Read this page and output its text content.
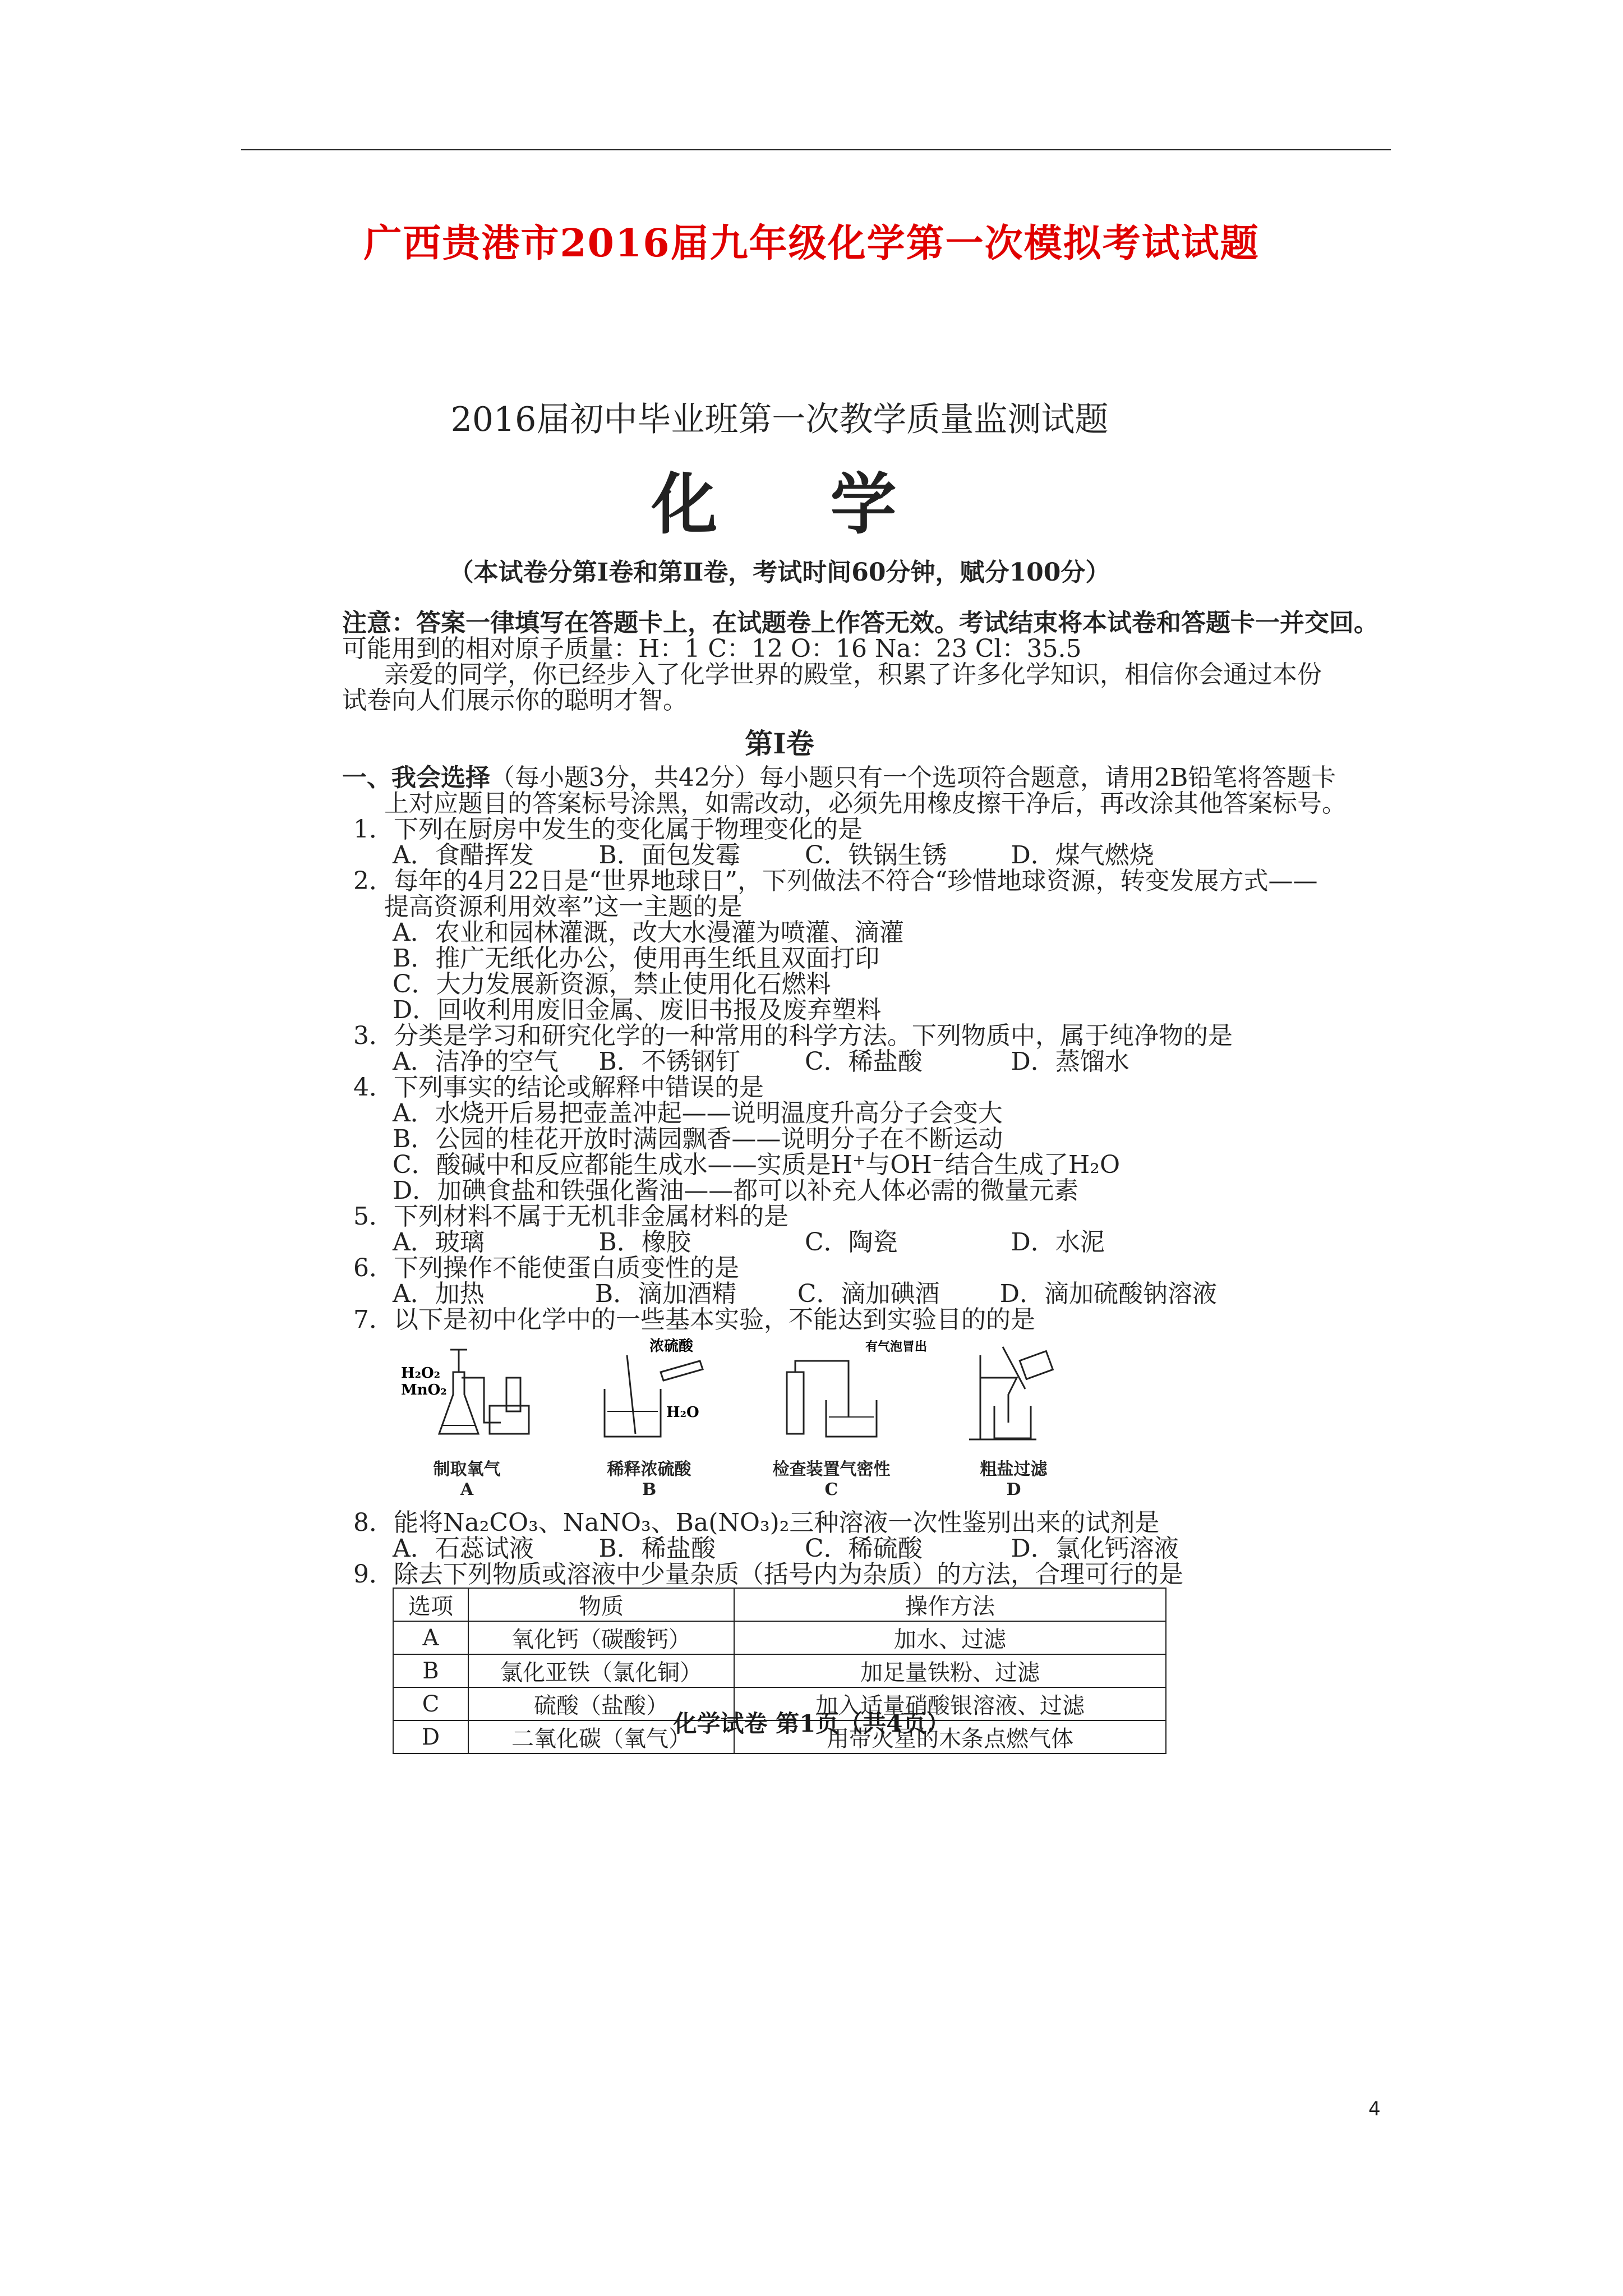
广西贵港市2016届九年级化学第一次模拟考试试题
2016届初中毕业班第一次教学质量监测试题
化 学
（本试卷分第Ⅰ卷和第Ⅱ卷，考试时间60分钟，赋分100分）
注意：答案一律填写在答题卡上，在试题卷上作答无效。考试结束将本试卷和答题卡一并交回。
可能用到的相对原子质量：H：1 C：12 O：16 Na：23 Cl：35.5
亲爱的同学，你已经步入了化学世界的殿堂，积累了许多化学知识，相信你会通过本份
试卷向人们展示你的聪明才智。
第Ⅰ卷
一、我会选择（每小题3分，共42分）每小题只有一个选项符合题意，请用2B铅笔将答题卡
上对应题目的答案标号涂黑，如需改动，必须先用橡皮擦干净后，再改涂其他答案标号。
1．下列在厨房中发生的变化属于物理变化的是
A．食醋挥发	B．面包发霉	C．铁锅生锈	D．煤气燃烧
2．每年的4月22日是“世界地球日”，下列做法不符合“珍惜地球资源，转变发展方式——
提高资源利用效率”这一主题的是
A．农业和园林灌溉，改大水漫灌为喷灌、滴灌
B．推广无纸化办公，使用再生纸且双面打印
C．大力发展新资源，禁止使用化石燃料
D．回收利用废旧金属、废旧书报及废弃塑料
3．分类是学习和研究化学的一种常用的科学方法。下列物质中，属于纯净物的是
A．洁净的空气	B．不锈钢钉	C．稀盐酸	D．蒸馏水
4．下列事实的结论或解释中错误的是
A．水烧开后易把壶盖冲起——说明温度升高分子会变大
B．公园的桂花开放时满园飘香——说明分子在不断运动
C．酸碱中和反应都能生成水——实质是H⁺与OH⁻结合生成了H₂O
D．加碘食盐和铁强化酱油——都可以补充人体必需的微量元素
5．下列材料不属于无机非金属材料的是
A．玻璃	B．橡胶	C．陶瓷	D．水泥
6．下列操作不能使蛋白质变性的是
A．加热	B．滴加酒精	C．滴加碘酒	D．滴加硫酸钠溶液
7．以下是初中化学中的一些基本实验，不能达到实验目的的是
H₂O₂
MnO₂
制取氧气
A
浓硫酸
H₂O
稀释浓硫酸
B
有气泡冒出
检查装置气密性
C
粗盐过滤
D
8．能将Na₂CO₃、NaNO₃、Ba(NO₃)₂三种溶液一次性鉴别出来的试剂是
A．石蕊试液	B．稀盐酸	C．稀硫酸	D．氯化钙溶液
9．除去下列物质或溶液中少量杂质（括号内为杂质）的方法，合理可行的是
选项	物质	操作方法
A	氧化钙（碳酸钙）	加水、过滤
B	氯化亚铁（氯化铜）	加足量铁粉、过滤
C	硫酸（盐酸）	加入适量硝酸银溶液、过滤
D	二氧化碳（氧气）	用带火星的木条点燃气体
化学试卷 第1页（共4页）
4
